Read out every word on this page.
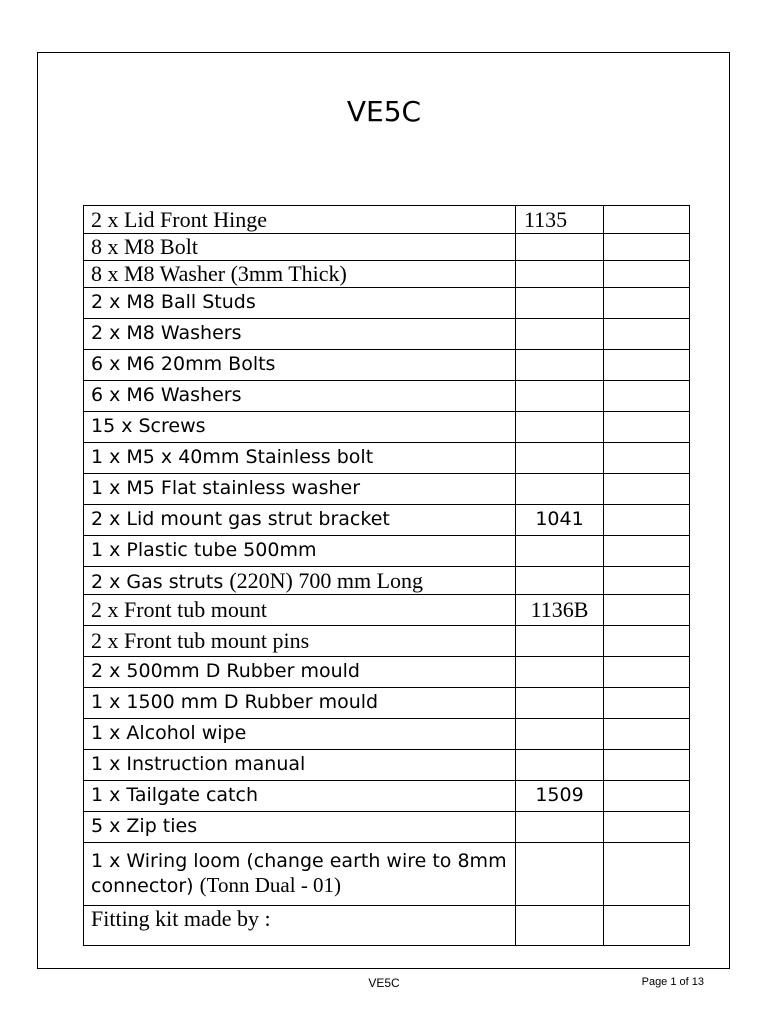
VE5C
2 x Lid Front Hinge	1135	
8 x M8 Bolt		
8 x M8 Washer (3mm Thick)		
2 x M8 Ball Studs		
2 x M8 Washers		
6 x M6 20mm Bolts		
6 x M6 Washers		
15 x Screws		
1 x M5 x 40mm Stainless bolt		
1 x M5 Flat stainless washer		
2 x Lid mount gas strut bracket	1041	
1 x Plastic tube 500mm		
2 x Gas struts (220N) 700 mm Long		
2 x Front tub mount	1136B	
2 x Front tub mount pins		
2 x 500mm D Rubber mould		
1 x 1500 mm D Rubber mould		
1 x Alcohol wipe		
1 x Instruction manual		
1 x Tailgate catch	1509	
5 x Zip ties		
1 x Wiring loom (change earth wire to 8mm connector) (Tonn Dual - 01)		
Fitting kit made by :		
VE5C	Page 1 of 13
